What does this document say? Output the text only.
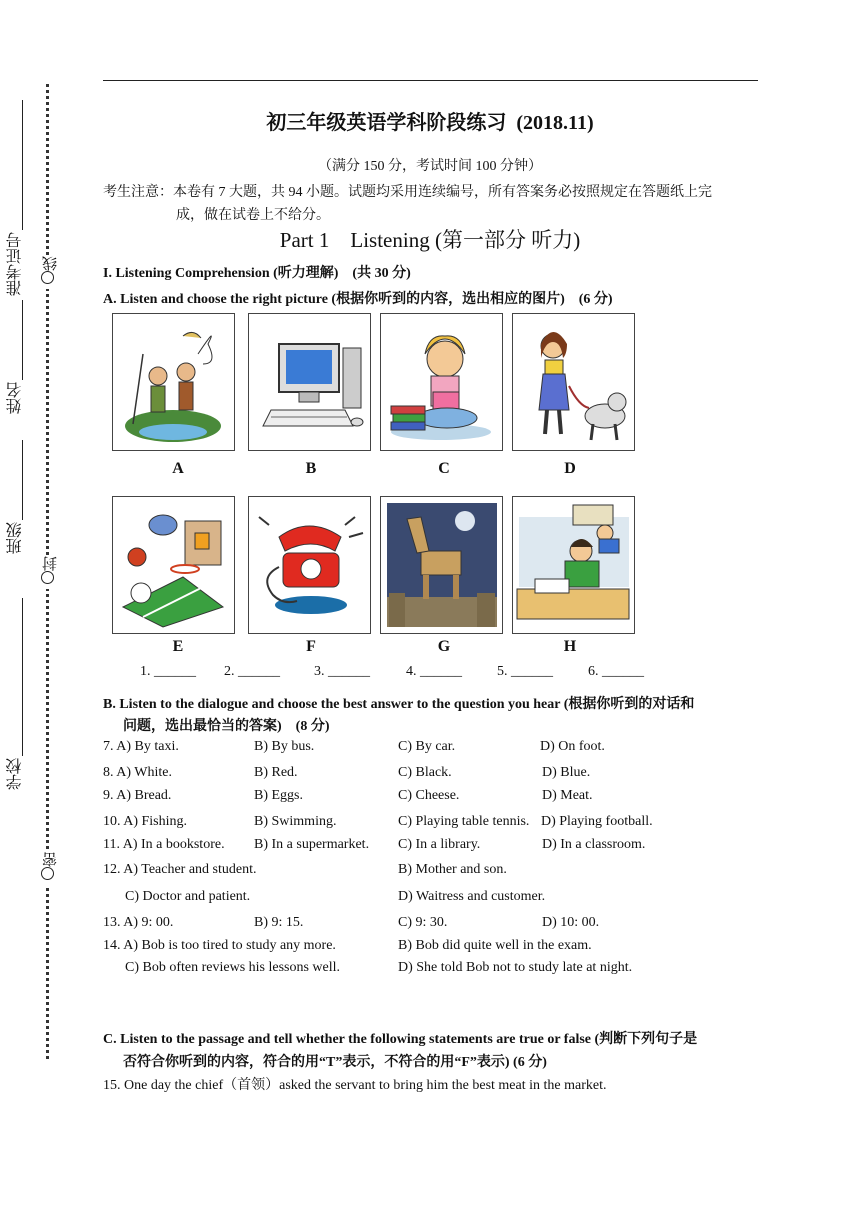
准考证号
姓名
班级
学校
线
封
密
初三年级英语学科阶段练习 (2018.11)
（满分 150 分，考试时间 100 分钟）
考生注意：本卷有 7 大题，共 94 小题。试题均采用连续编号，所有答案务必按照规定在答题纸上完
成，做在试卷上不给分。
Part 1　Listening (第一部分 听力)
I. Listening Comprehension (听力理解)　(共 30 分)
A. Listen and choose the right picture (根据你听到的内容，选出相应的图片)　(6 分)
A	B	C	D
E	F	G	H
1. ______ 2. ______ 3. ______	4. ______	5. ______	6. ______
B. Listen to the dialogue and choose the best answer to the question you hear (根据你听到的对话和
问题，选出最恰当的答案)　(8 分)
7. A) By taxi.	B) By bus.	C) By car.	D) On foot.
8. A) White.	B) Red.	C) Black.	D) Blue.
9. A) Bread.	B) Eggs.	C) Cheese.	D) Meat.
10. A) Fishing.	B) Swimming.	C) Playing table tennis. D) Playing football.
11. A) In a bookstore. B) In a supermarket. C) In a library.	D) In a classroom.
12. A) Teacher and student.	B) Mother and son.
C) Doctor and patient.	D) Waitress and customer.
13. A) 9: 00.	B) 9: 15.	C) 9: 30.	D) 10: 00.
14. A) Bob is too tired to study any more.	B) Bob did quite well in the exam.
C) Bob often reviews his lessons well.	D) She told Bob not to study late at night.
C. Listen to the passage and tell whether the following statements are true or false (判断下列句子是
否符合你听到的内容，符合的用“T”表示，不符合的用“F”表示) (6 分)
15. One day the chief（首领）asked the servant to bring him the best meat in the market.
